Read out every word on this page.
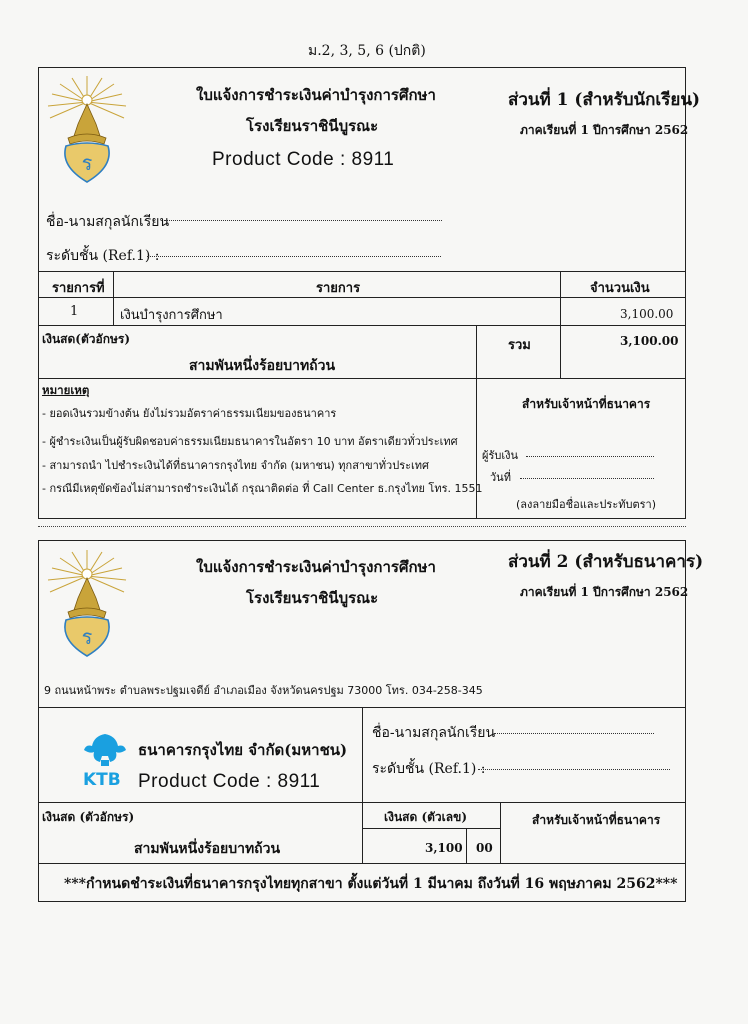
ม.2, 3, 5, 6 (ปกติ)
ร
ใบแจ้งการชำระเงินค่าบำรุงการศึกษา
โรงเรียนราชินีบูรณะ
Product Code : 8911
ส่วนที่ 1 (สำหรับนักเรียน)
ภาคเรียนที่ 1 ปีการศึกษา 2562
ชื่อ-นามสกุลนักเรียน
ระดับชั้น (Ref.1) :
รายการที่	รายการ	จำนวนเงิน
1	เงินบำรุงการศึกษา	3,100.00
เงินสด(ตัวอักษร)
สามพันหนึ่งร้อยบาทถ้วน
รวม	3,100.00
หมายเหตุ
- ยอดเงินรวมข้างต้น ยังไม่รวมอัตราค่าธรรมเนียมของธนาคาร
- ผู้ชำระเงินเป็นผู้รับผิดชอบค่าธรรมเนียมธนาคารในอัตรา 10 บาท อัตราเดียวทั่วประเทศ
- สามารถนำ ไปชำระเงินได้ที่ธนาคารกรุงไทย จำกัด (มหาชน) ทุกสาขาทั่วประเทศ
- กรณีมีเหตุขัดข้องไม่สามารถชำระเงินได้ กรุณาติดต่อ ที่ Call Center ธ.กรุงไทย โทร. 1551
สำหรับเจ้าหน้าที่ธนาคาร
ผู้รับเงิน
วันที่
(ลงลายมือชื่อและประทับตรา)
ร
ใบแจ้งการชำระเงินค่าบำรุงการศึกษา
โรงเรียนราชินีบูรณะ
ส่วนที่ 2 (สำหรับธนาคาร)
ภาคเรียนที่ 1 ปีการศึกษา 2562
9 ถนนหน้าพระ ตำบลพระปฐมเจดีย์ อำเภอเมือง จังหวัดนครปฐม 73000 โทร. 034-258-345
KTB
ธนาคารกรุงไทย จำกัด(มหาชน)
Product Code : 8911
ชื่อ-นามสกุลนักเรียน
ระดับชั้น (Ref.1) :
เงินสด (ตัวอักษร)
สามพันหนึ่งร้อยบาทถ้วน
เงินสด (ตัวเลข)
3,100 00
สำหรับเจ้าหน้าที่ธนาคาร
***กำหนดชำระเงินที่ธนาคารกรุงไทยทุกสาขา ตั้งแต่วันที่ 1 มีนาคม ถึงวันที่ 16 พฤษภาคม 2562***
